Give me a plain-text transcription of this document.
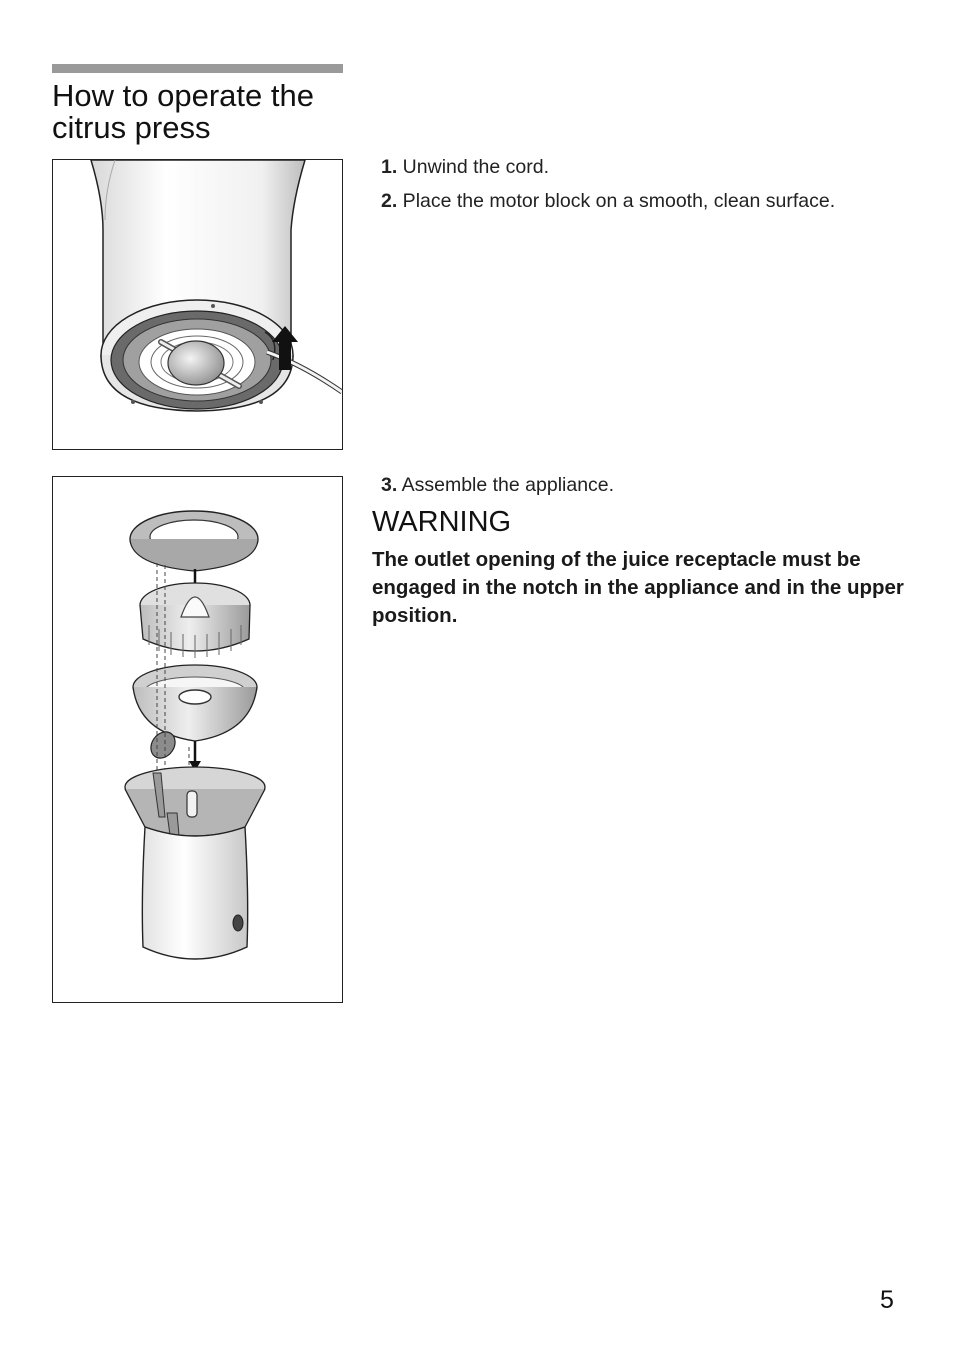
How to operate the citrus press
1. Unwind the cord.
2. Place the motor block on a smooth, clean surface.
3. Assemble the appliance.
WARNING

The outlet opening of the juice receptacle must be engaged in the notch in the appliance and in the upper position.

5
